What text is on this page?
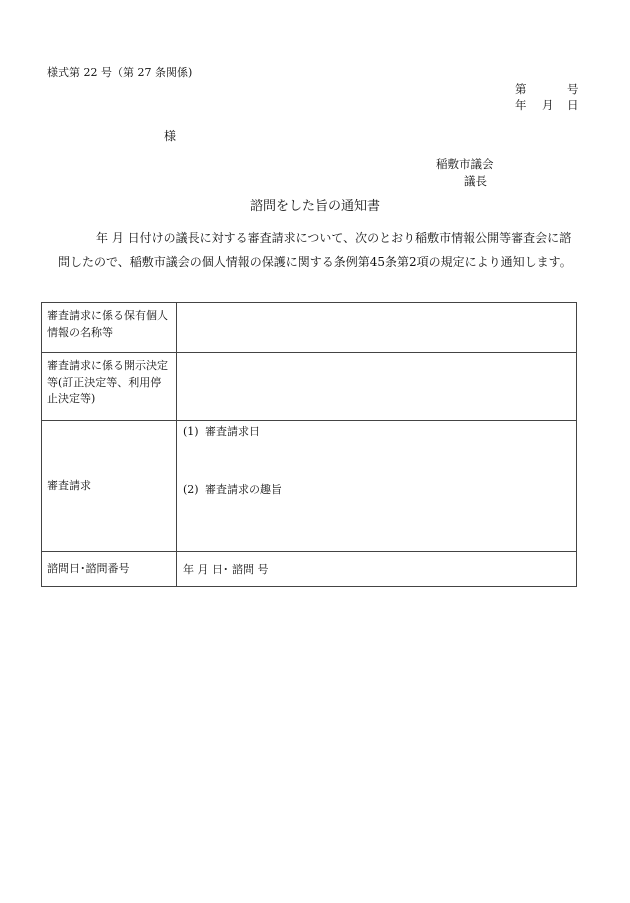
様式第 22 号（第 27 条関係)
第	号
年 月 日
様
稲敷市議会
議長
諮問をした旨の通知書
年 月 日付けの議長に対する審査請求について、次のとおり稲敷市情報公開等審査会に諮問したので、稲敷市議会の個人情報の保護に関する条例第45条第2項の規定により通知します。
審査請求に係る保有個人情報の名称等	
審査請求に係る開示決定等(訂正決定等、利用停止決定等)	
審査請求	(1) 審査請求日
(2) 審査請求の趣旨

諮問日･諮問番号	年 月 日･ 諮問 号
